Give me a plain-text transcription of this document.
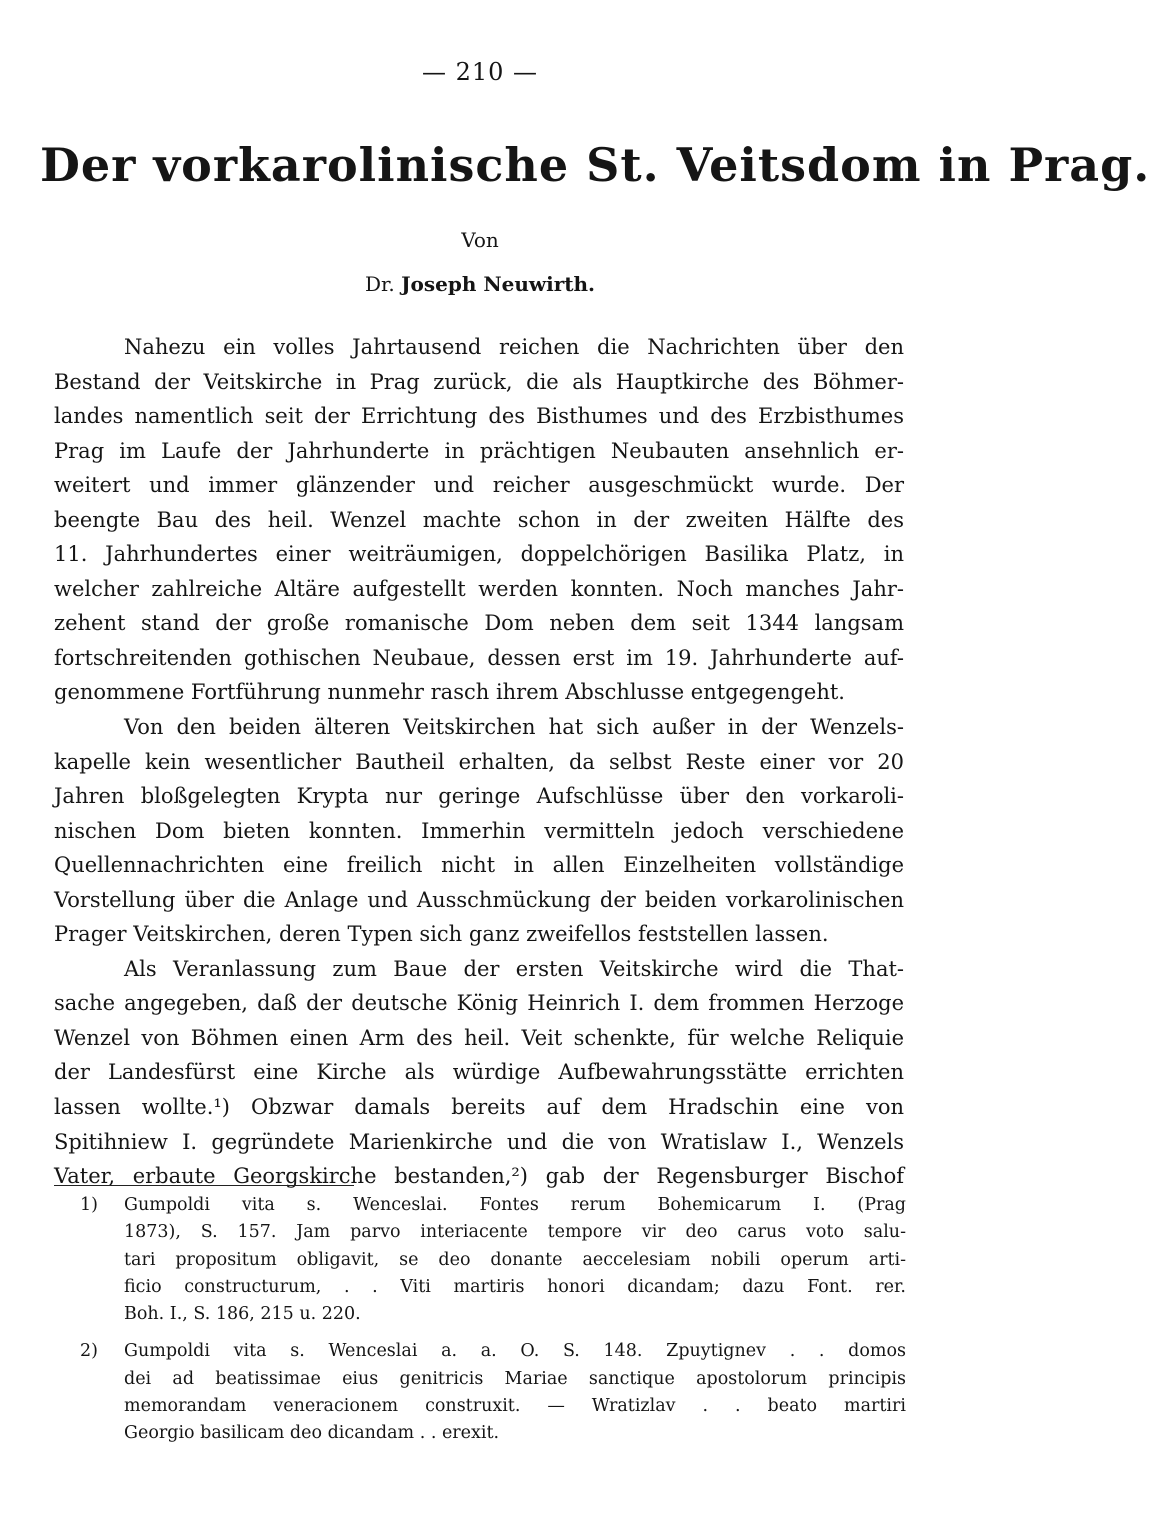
— 210 —
Der vorkarolinische St. Veitsdom in Prag.
Von
Dr. Joseph Neuwirth.
Nahezu ein volles Jahrtausend reichen die Nachrichten über den
Bestand der Veitskirche in Prag zurück, die als Hauptkirche des Böhmer-
landes namentlich seit der Errichtung des Bisthumes und des Erzbisthumes
Prag im Laufe der Jahrhunderte in prächtigen Neubauten ansehnlich er-
weitert und immer glänzender und reicher ausgeschmückt wurde. Der
beengte Bau des heil. Wenzel machte schon in der zweiten Hälfte des
11. Jahrhundertes einer weiträumigen, doppelchörigen Basilika Platz, in
welcher zahlreiche Altäre aufgestellt werden konnten. Noch manches Jahr-
zehent stand der große romanische Dom neben dem seit 1344 langsam
fortschreitenden gothischen Neubaue, dessen erst im 19. Jahrhunderte auf-
genommene Fortführung nunmehr rasch ihrem Abschlusse entgegengeht.
Von den beiden älteren Veitskirchen hat sich außer in der Wenzels-
kapelle kein wesentlicher Bautheil erhalten, da selbst Reste einer vor 20
Jahren bloßgelegten Krypta nur geringe Aufschlüsse über den vorkaroli-
nischen Dom bieten konnten. Immerhin vermitteln jedoch verschiedene
Quellennachrichten eine freilich nicht in allen Einzelheiten vollständige
Vorstellung über die Anlage und Ausschmückung der beiden vorkarolinischen
Prager Veitskirchen, deren Typen sich ganz zweifellos feststellen lassen.
Als Veranlassung zum Baue der ersten Veitskirche wird die That-
sache angegeben, daß der deutsche König Heinrich I. dem frommen Herzoge
Wenzel von Böhmen einen Arm des heil. Veit schenkte, für welche Reliquie
der Landesfürst eine Kirche als würdige Aufbewahrungsstätte errichten
lassen wollte.¹) Obzwar damals bereits auf dem Hradschin eine von
Spitihniew I. gegründete Marienkirche und die von Wratislaw I., Wenzels
Vater, erbaute Georgskirche bestanden,²) gab der Regensburger Bischof
1) Gumpoldi vita s. Wenceslai. Fontes rerum Bohemicarum I. (Prag
1873), S. 157. Jam parvo interiacente tempore vir deo carus voto salu-
tari propositum obligavit, se deo donante aeccelesiam nobili operum arti-
ficio constructurum, . . Viti martiris honori dicandam; dazu Font. rer.
Boh. I., S. 186, 215 u. 220.
2) Gumpoldi vita s. Wenceslai a. a. O. S. 148. Zpuytignev . . domos
dei ad beatissimae eius genitricis Mariae sanctique apostolorum principis
memorandam veneracionem construxit. — Wratizlav . . beato martiri
Georgio basilicam deo dicandam . . erexit.
